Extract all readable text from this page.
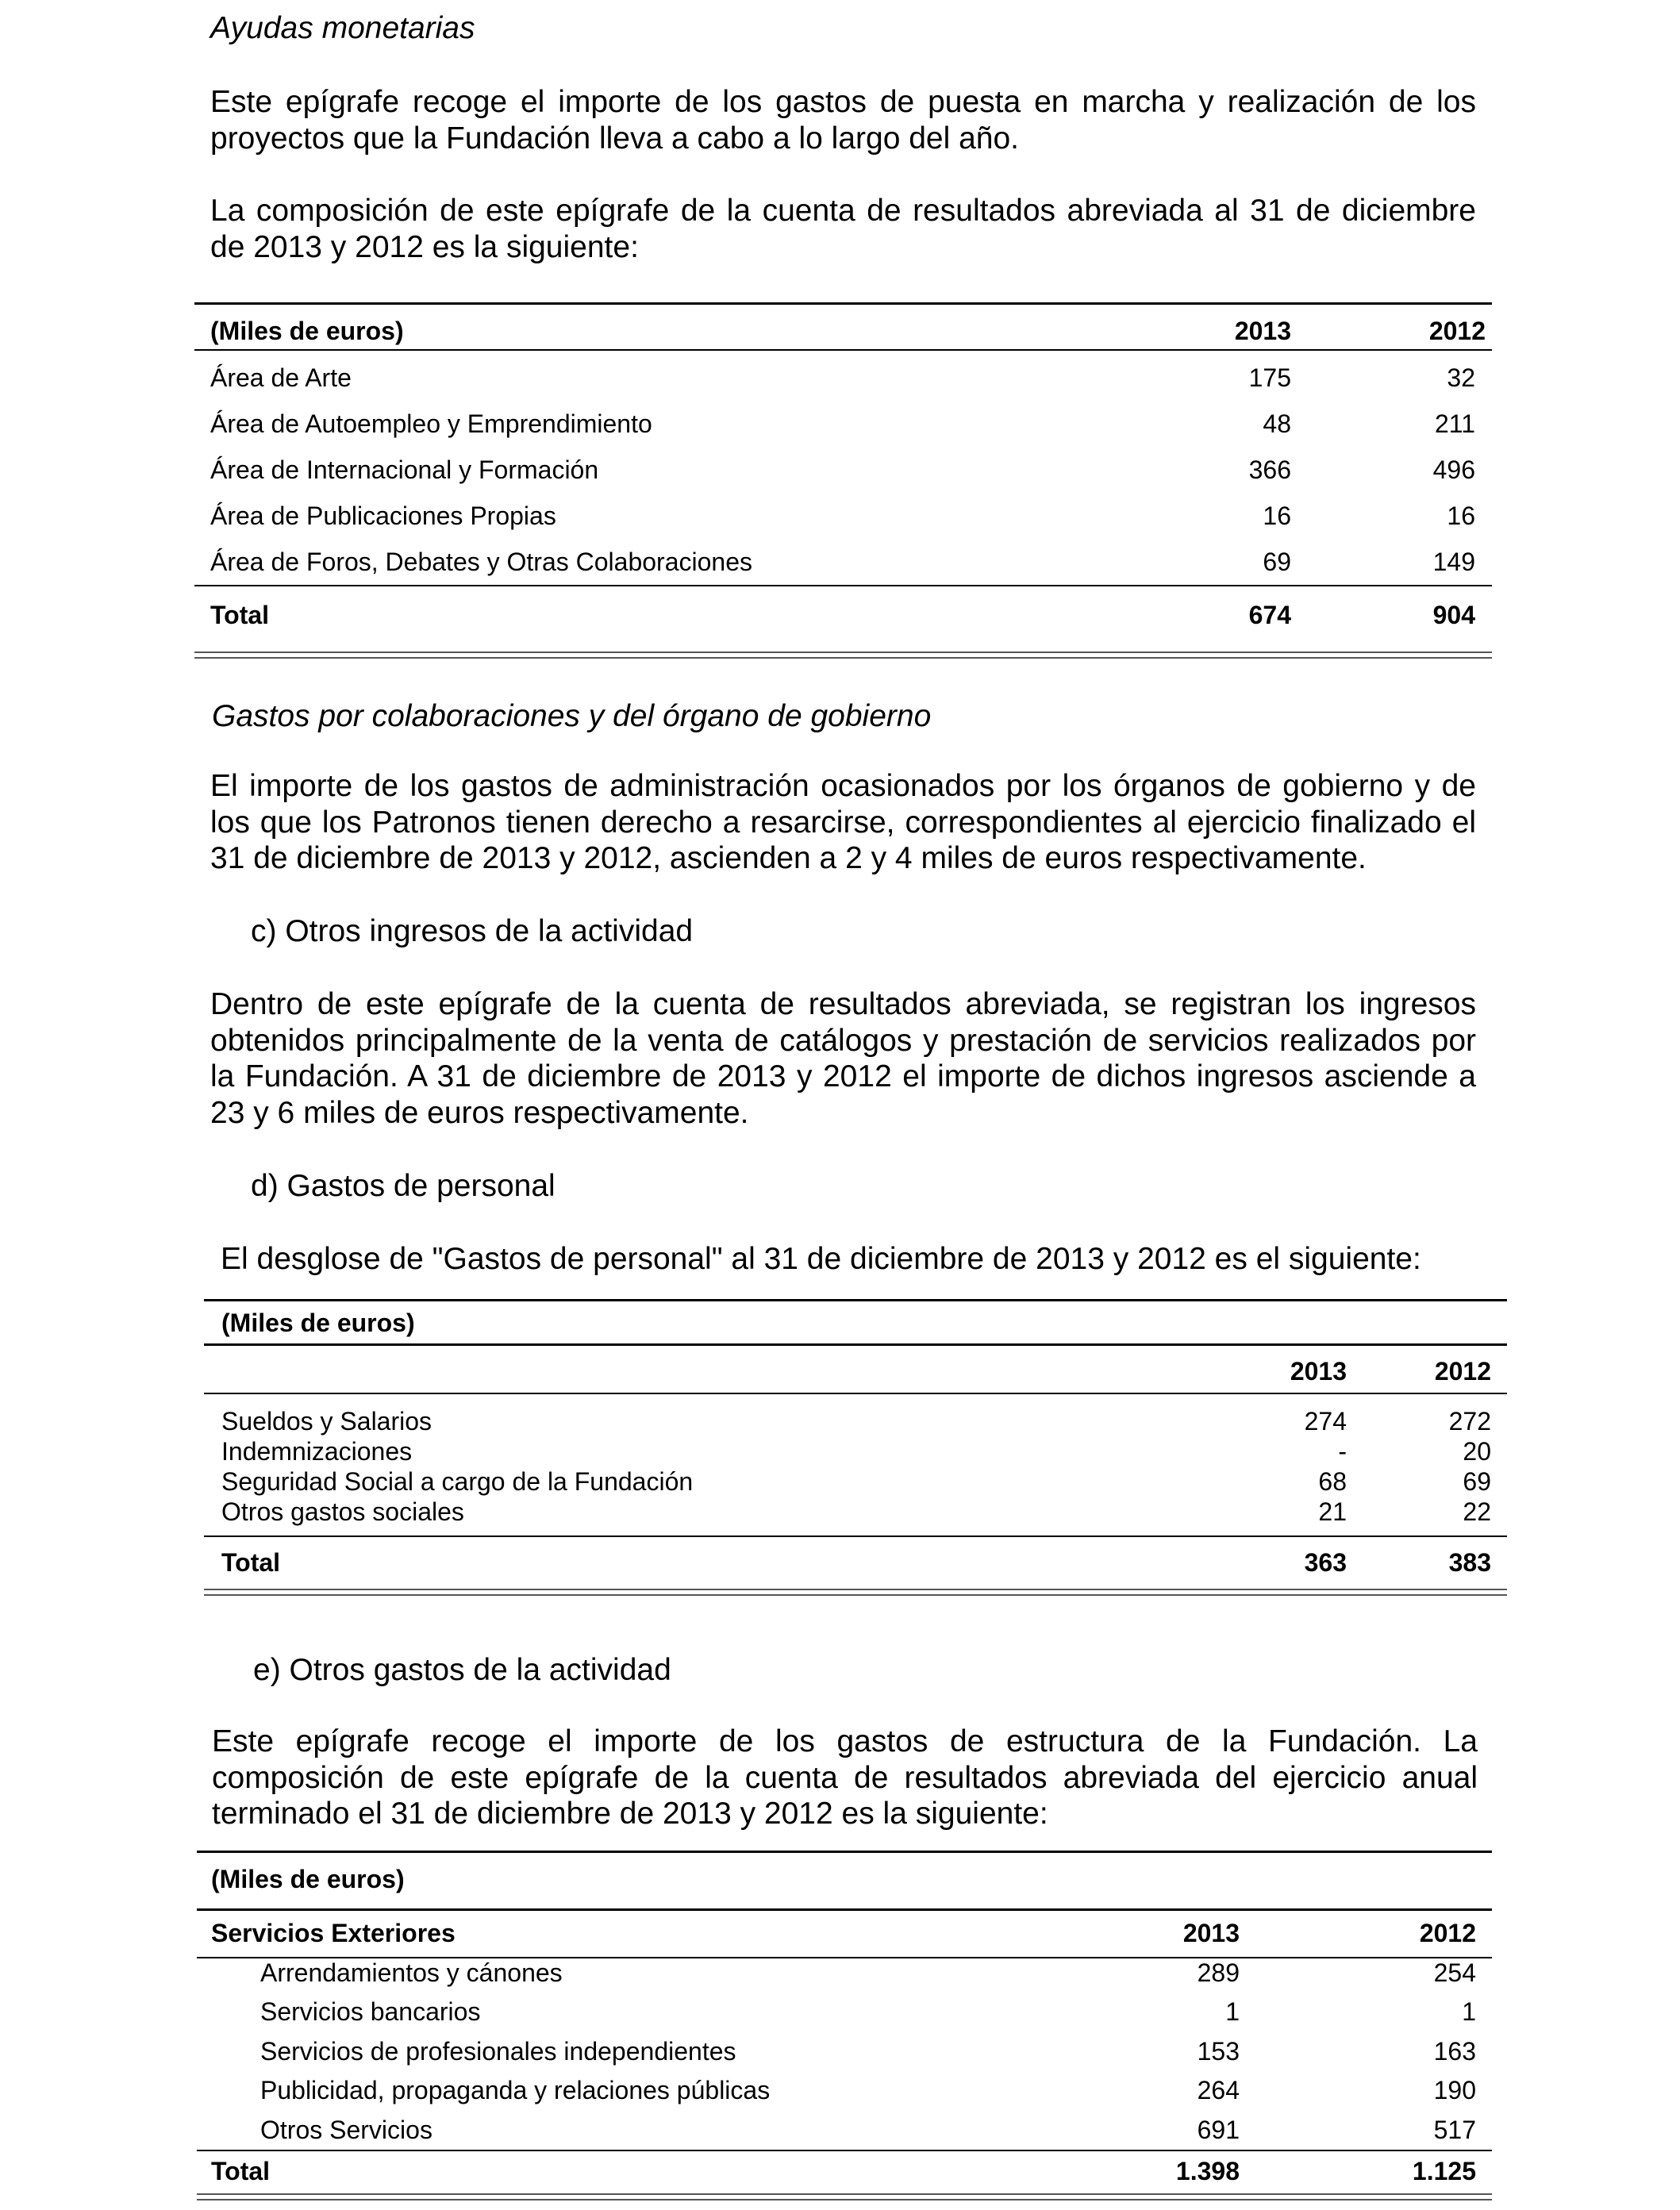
Ayudas monetarias
Este epígrafe recoge el importe de los gastos de puesta en marcha y realización de los proyectos que la Fundación lleva a cabo a lo largo del año.
La composición de este epígrafe de la cuenta de resultados abreviada al 31 de diciembre de 2013 y 2012 es la siguiente:
(Miles de euros)	2013	2012
Área de Arte	175	32
Área de Autoempleo y Emprendimiento	48	211
Área de Internacional y Formación	366	496
Área de Publicaciones Propias	16	16
Área de Foros, Debates y Otras Colaboraciones	69	149
Total	674	904
Gastos por colaboraciones y del órgano de gobierno
El importe de los gastos de administración ocasionados por los órganos de gobierno y de los que los Patronos tienen derecho a resarcirse, correspondientes al ejercicio finalizado el 31 de diciembre de 2013 y 2012, ascienden a 2 y 4 miles de euros respectivamente.
c) Otros ingresos de la actividad
Dentro de este epígrafe de la cuenta de resultados abreviada, se registran los ingresos obtenidos principalmente de la venta de catálogos y prestación de servicios realizados por la Fundación. A 31 de diciembre de 2013 y 2012 el importe de dichos ingresos asciende a 23 y 6 miles de euros respectivamente.
d) Gastos de personal
El desglose de "Gastos de personal" al 31 de diciembre de 2013 y 2012 es el siguiente:
(Miles de euros)
2013	2012
Sueldos y Salarios	274	272
Indemnizaciones	-	20
Seguridad Social a cargo de la Fundación	68	69
Otros gastos sociales	21	22
Total	363	383
e) Otros gastos de la actividad
Este epígrafe recoge el importe de los gastos de estructura de la Fundación. La composición de este epígrafe de la cuenta de resultados abreviada del ejercicio anual terminado el 31 de diciembre de 2013 y 2012 es la siguiente:
(Miles de euros)
Servicios Exteriores	2013	2012
Arrendamientos y cánones	289	254
Servicios bancarios	1	1
Servicios de profesionales independientes	153	163
Publicidad, propaganda y relaciones públicas	264	190
Otros Servicios	691	517
Total	1.398	1.125
